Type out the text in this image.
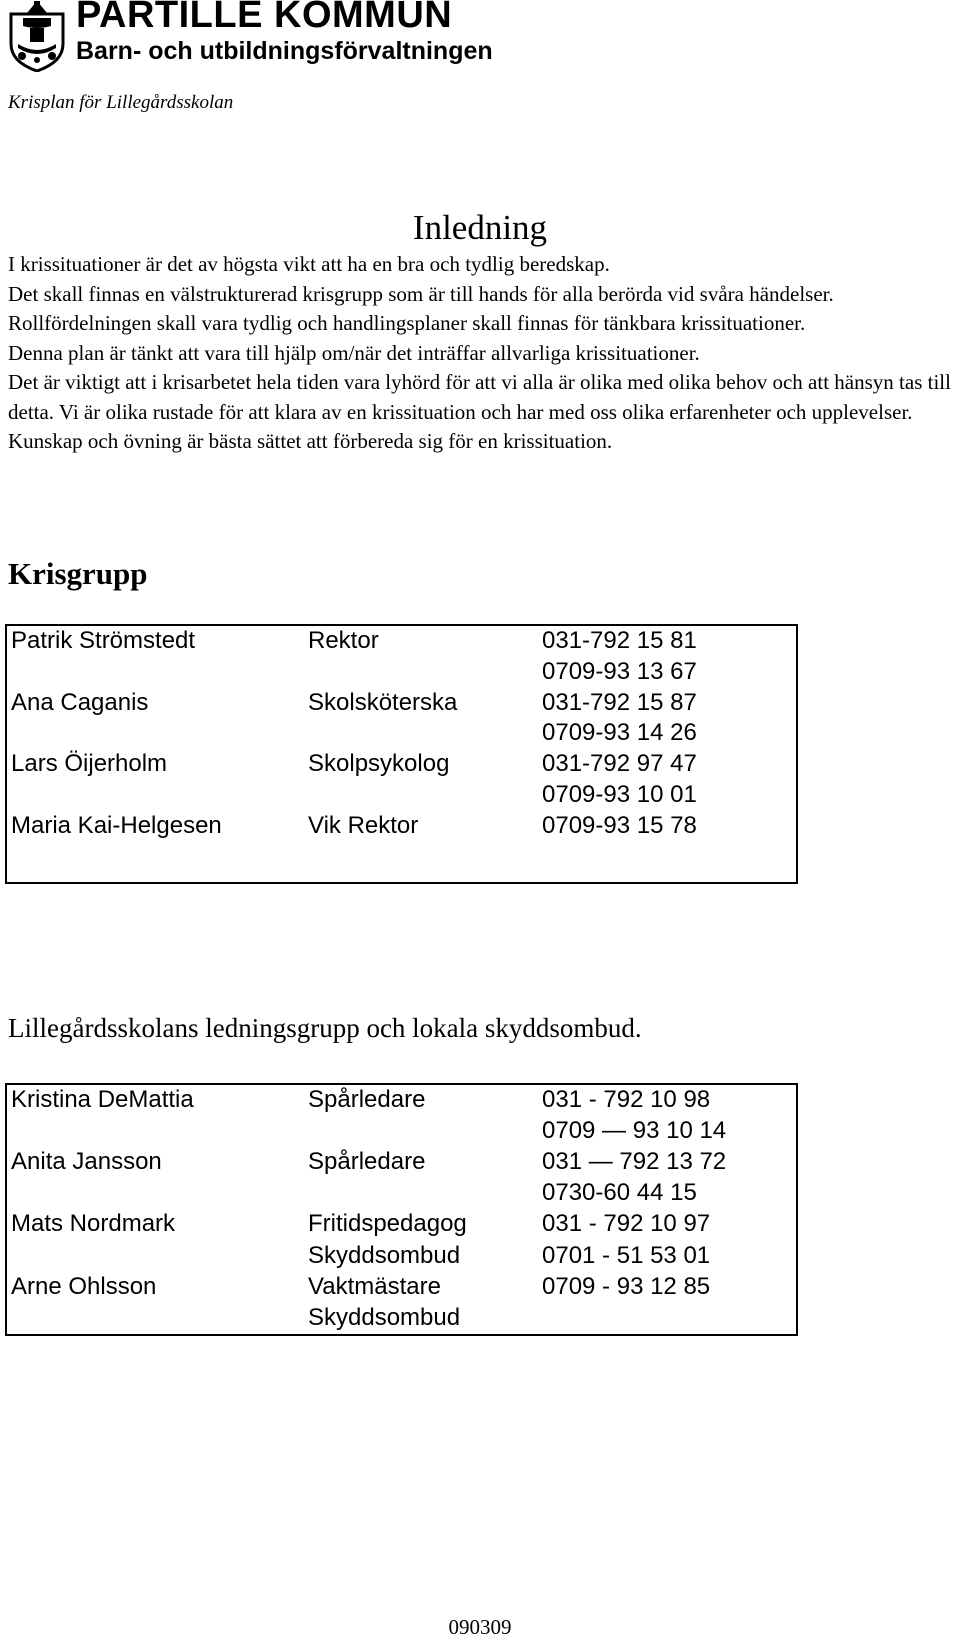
PARTILLE KOMMUN
Barn- och utbildningsförvaltningen
Krisplan för Lillegårdsskolan
Inledning

I krissituationer är det av högsta vikt att ha en bra och tydlig beredskap.

Det skall finnas en välstrukturerad krisgrupp som är till hands för alla berörda vid svåra händelser. Rollfördelningen skall vara tydlig och handlingsplaner skall finnas för tänkbara krissituationer.

Denna plan är tänkt att vara till hjälp om/när det inträffar allvarliga krissituationer.

Det är viktigt att i krisarbetet hela tiden vara lyhörd för att vi alla är olika med olika behov och att hänsyn tas till detta. Vi är olika rustade för att klara av en krissituation och har med oss olika erfarenheter och upplevelser.

Kunskap och övning är bästa sättet att förbereda sig för en krissituation.

Krisgrupp
Patrik Strömstedt	Rektor	031-792 15 81
		0709-93 13 67
Ana Caganis	Skolsköterska	031-792 15 87
		0709-93 14 26
Lars Öijerholm	Skolpsykolog	031-792 97 47
		0709-93 10 01
Maria Kai-Helgesen	Vik Rektor	0709-93 15 78

Lillegårdsskolans ledningsgrupp och lokala skyddsombud.
Kristina DeMattia	Spårledare	031 - 792 10 98
		0709 — 93 10 14
Anita Jansson	Spårledare	031 — 792 13 72
		0730-60 44 15
Mats Nordmark	Fritidspedagog	031 - 792 10 97
	Skyddsombud	0701 - 51 53 01
Arne Ohlsson	Vaktmästare	0709 - 93 12 85
	Skyddsombud	
090309
